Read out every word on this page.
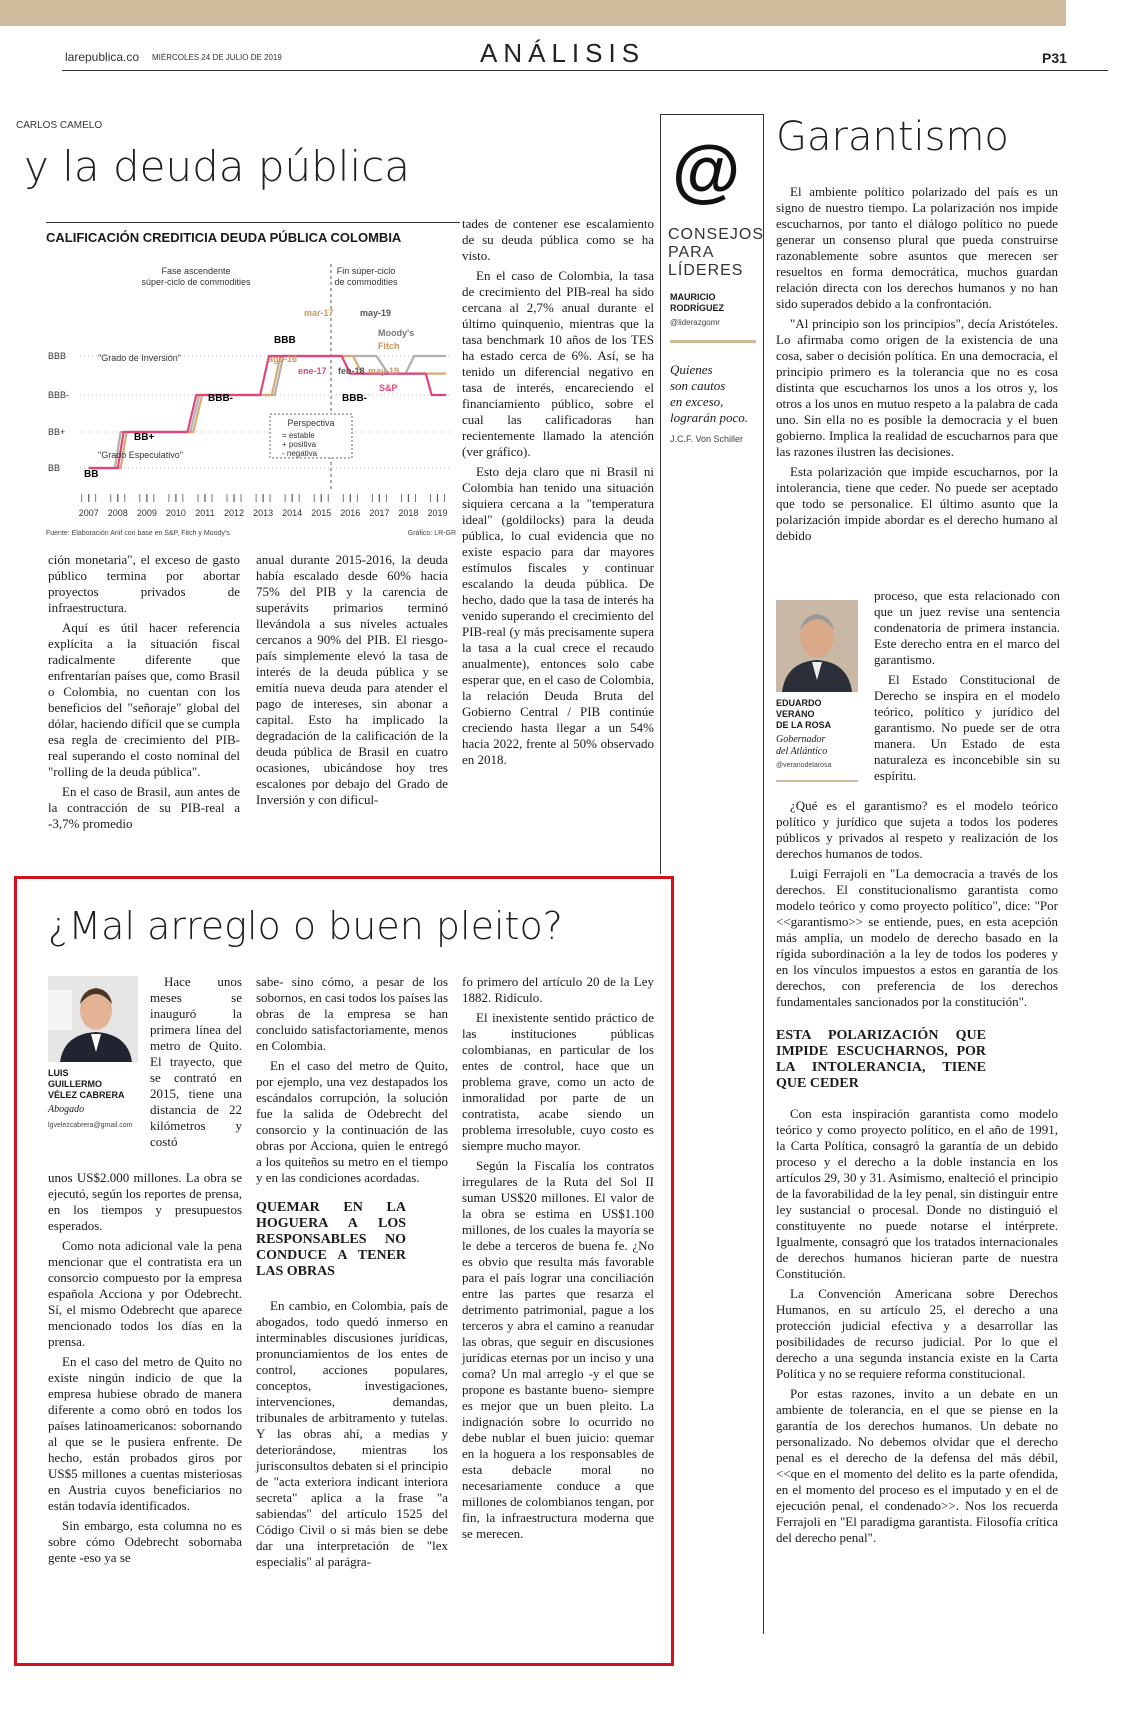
larepublica.co MIÉRCOLES 24 DE JULIO DE 2019	ANÁLISIS	P31
CARLOS CAMELO
y la deuda pública
CALIFICACIÓN CREDITICIA DEUDA PÚBLICA COLOMBIA
Fase ascendente
súper-ciclo de commodities
Fin súper-ciclo
de commodities
BB
BB+
BBB-
BBB
2007 2008 2009 2010 2011 2012 2013 2014 2015 2016 2017 2018 2019
"Grado de Inversión"
"Grado Especulativo"
BB
BB+
BBB-
BBB
BBB-
mar-17	may-19
ago-16
ene-17 feb-18 may-19
Moody's
Fitch
S&P
Perspectiva
= estable
+ positiva
- negativa
Fuente: Elaboración Anif con base en S&P, Fitch y Moody's	Gráfico: LR-GR

ción monetaria", el exceso de gasto público termina por abortar proyectos privados de infraestructura.

Aquí es útil hacer referencia explícita a la situación fiscal radicalmente diferente que enfrentarían países que, como Brasil o Colombia, no cuentan con los beneficios del "señoraje" global del dólar, haciendo difícil que se cumpla esa regla de crecimiento del PIB-real superando el costo nominal del "rolling de la deuda pública".

En el caso de Brasil, aun antes de la contracción de su PIB-real a -3,7% promedio

anual durante 2015-2016, la deuda había escalado desde 60% hacia 75% del PIB y la carencia de superávits primarios terminó llevándola a sus niveles actuales cercanos a 90% del PIB. El riesgo-país simplemente elevó la tasa de interés de la deuda pública y se emitía nueva deuda para atender el pago de intereses, sin abonar a capital. Esto ha implicado la degradación de la calificación de la deuda pública de Brasil en cuatro ocasiones, ubicándose hoy tres escalones por debajo del Grado de Inversión y con dificul-

tades de contener ese escalamiento de su deuda pública como se ha visto.

En el caso de Colombia, la tasa de crecimiento del PIB-real ha sido cercana al 2,7% anual durante el último quinquenio, mientras que la tasa benchmark 10 años de los TES ha estado cerca de 6%. Así, se ha tenido un diferencial negativo en tasa de interés, encareciendo el financiamiento público, sobre el cual las calificadoras han recientemente llamado la atención (ver gráfico).

Esto deja claro que ni Brasil ni Colombia han tenido una situación siquiera cercana a la "temperatura ideal" (goldilocks) para la deuda pública, lo cual evidencia que no existe espacio para dar mayores estímulos fiscales y continuar escalando la deuda pública. De hecho, dado que la tasa de interés ha venido superando el crecimiento del PIB-real (y más precisamente supera la tasa a la cual crece el recaudo anualmente), entonces solo cabe esperar que, en el caso de Colombia, la relación Deuda Bruta del Gobierno Central / PIB continúe creciendo hasta llegar a un 54% hacia 2022, frente al 50% observado en 2018.

@
CONSEJOS
PARA
LÍDERES
MAURICIO
RODRÍGUEZ
@liderazgomr
Quienes
son cautos
en exceso,
lograrán poco.
J.C.F. Von Schiller
Garantismo

El ambiente político polarizado del país es un signo de nuestro tiempo. La polarización nos impide escucharnos, por tanto el diálogo político no puede generar un consenso plural que pueda construirse razonablemente sobre asuntos que merecen ser resueltos en forma democrática, muchos guardan relación directa con los derechos humanos y no han sido superados debido a la confrontación.

"Al principio son los principios", decía Aristóteles. Lo afirmaba como origen de la existencia de una cosa, saber o decisión política. En una democracia, el principio primero es la tolerancia que no es cosa distinta que escucharnos los unos a los otros y, los otros a los unos en mutuo respeto a la palabra de cada uno. Sin ella no es posible la democracia y el buen gobierno. Implica la realidad de escucharnos para que las razones ilustren las decisiones.

Esta polarización que impide escucharnos, por la intolerancia, tiene que ceder. No puede ser aceptado que todo se personalice. El último asunto que la polarización impide abordar es el derecho humano al debido

EDUARDO
VERANO
DE LA ROSA
Gobernador
del Atlántico
@veranodelarosa

proceso, que esta relacionado con que un juez revise una sentencia condenatoria de primera instancia. Este derecho entra en el marco del garantismo.

El Estado Constitucional de Derecho se inspira en el modelo teórico, político y jurídico del garantismo. No puede ser de otra manera. Un Estado de esta naturaleza es inconcebible sin su espíritu.

¿Qué es el garantismo? es el modelo teórico político y jurídico que sujeta a todos los poderes públicos y privados al respeto y realización de los derechos humanos de todos.

Luigi Ferrajoli en "La democracia a través de los derechos. El constitucionalismo garantista como modelo teórico y como proyecto político", dice: "Por <<garantismo>> se entiende, pues, en esta acepción más amplia, un modelo de derecho basado en la rígida subordinación a la ley de todos los poderes y en los vínculos impuestos a estos en garantía de los derechos, con preferencia de los derechos fundamentales sancionados por la constitución".

ESTA POLARIZACIÓN QUE IMPIDE ESCUCHARNOS, POR LA INTOLERANCIA, TIENE QUE CEDER

Con esta inspiración garantista como modelo teórico y como proyecto político, en el año de 1991, la Carta Política, consagró la garantía de un debido proceso y el derecho a la doble instancia en los artículos 29, 30 y 31. Asimismo, enalteció el principio de la favorabilidad de la ley penal, sin distinguir entre ley sustancial o procesal. Donde no distinguió el constituyente no puede notarse el intérprete. Igualmente, consagró que los tratados internacionales de derechos humanos hicieran parte de nuestra Constitución.

La Convención Americana sobre Derechos Humanos, en su artículo 25, el derecho a una protección judicial efectiva y a desarrollar las posibilidades de recurso judicial. Por lo que el derecho a una segunda instancia existe en la Carta Política y no se requiere reforma constitucional.

Por estas razones, invito a un debate en un ambiente de tolerancia, en el que se piense en la garantía de los derechos humanos. Un debate no personalizado. No debemos olvidar que el derecho penal es el derecho de la defensa del más débil, <<que en el momento del delito es la parte ofendida, en el momento del proceso es el imputado y en el de ejecución penal, el condenado>>. Nos los recuerda Ferrajoli en "El paradigma garantista. Filosofía crítica del derecho penal".

¿Mal arreglo o buen pleito?
LUIS
GUILLERMO
VÉLEZ CABRERA
Abogado
lgvelezcabrera@gmail.com

Hace unos meses se inauguró la primera línea del metro de Quito. El trayecto, que se contrató en 2015, tiene una distancia de 22 kilómetros y costó

unos US$2.000 millones. La obra se ejecutó, según los reportes de prensa, en los tiempos y presupuestos esperados.

Como nota adicional vale la pena mencionar que el contratista era un consorcio compuesto por la empresa española Acciona y por Odebrecht. Sí, el mismo Odebrecht que aparece mencionado todos los días en la prensa.

En el caso del metro de Quito no existe ningún indicio de que la empresa hubiese obrado de manera diferente a como obró en todos los países latinoamericanos: sobornando al que se le pusiera enfrente. De hecho, están probados giros por US$5 millones a cuentas misteriosas en Austria cuyos beneficiarios no están todavía identificados.

Sin embargo, esta columna no es sobre cómo Odebrecht sobornaba gente -eso ya se

sabe- sino cómo, a pesar de los sobornos, en casi todos los países las obras de la empresa se han concluido satisfactoriamente, menos en Colombia.

En el caso del metro de Quito, por ejemplo, una vez destapados los escándalos corrupción, la solución fue la salida de Odebrecht del consorcio y la continuación de las obras por Acciona, quien le entregó a los quiteños su metro en el tiempo y en las condiciones acordadas.

QUEMAR EN LA HOGUERA A LOS RESPONSABLES NO CONDUCE A TENER LAS OBRAS

En cambio, en Colombia, país de abogados, todo quedó inmerso en interminables discusiones jurídicas, pronunciamientos de los entes de control, acciones populares, conceptos, investigaciones, intervenciones, demandas, tribunales de arbitramento y tutelas. Y las obras ahí, a medias y deteriorándose, mientras los jurisconsultos debaten si el principio de "acta exteriora indicant interiora secreta" aplica a la frase "a sabiendas" del artículo 1525 del Código Civil o si más bien se debe dar una interpretación de "lex especialis" al parágra-

fo primero del artículo 20 de la Ley 1882. Ridículo.

El inexistente sentido práctico de las instituciones públicas colombianas, en particular de los entes de control, hace que un problema grave, como un acto de inmoralidad por parte de un contratista, acabe siendo un problema irresoluble, cuyo costo es siempre mucho mayor.

Según la Fiscalía los contratos irregulares de la Ruta del Sol II suman US$20 millones. El valor de la obra se estima en US$1.100 millones, de los cuales la mayoría se le debe a terceros de buena fe. ¿No es obvio que resulta más favorable para el país lograr una conciliación entre las partes que resarza el detrimento patrimonial, pague a los terceros y abra el camino a reanudar las obras, que seguir en discusiones jurídicas eternas por un inciso y una coma? Un mal arreglo -y el que se propone es bastante bueno- siempre es mejor que un buen pleito. La indignación sobre lo ocurrido no debe nublar el buen juicio: quemar en la hoguera a los responsables de esta debacle moral no necesariamente conduce a que millones de colombianos tengan, por fin, la infraestructura moderna que se merecen.
